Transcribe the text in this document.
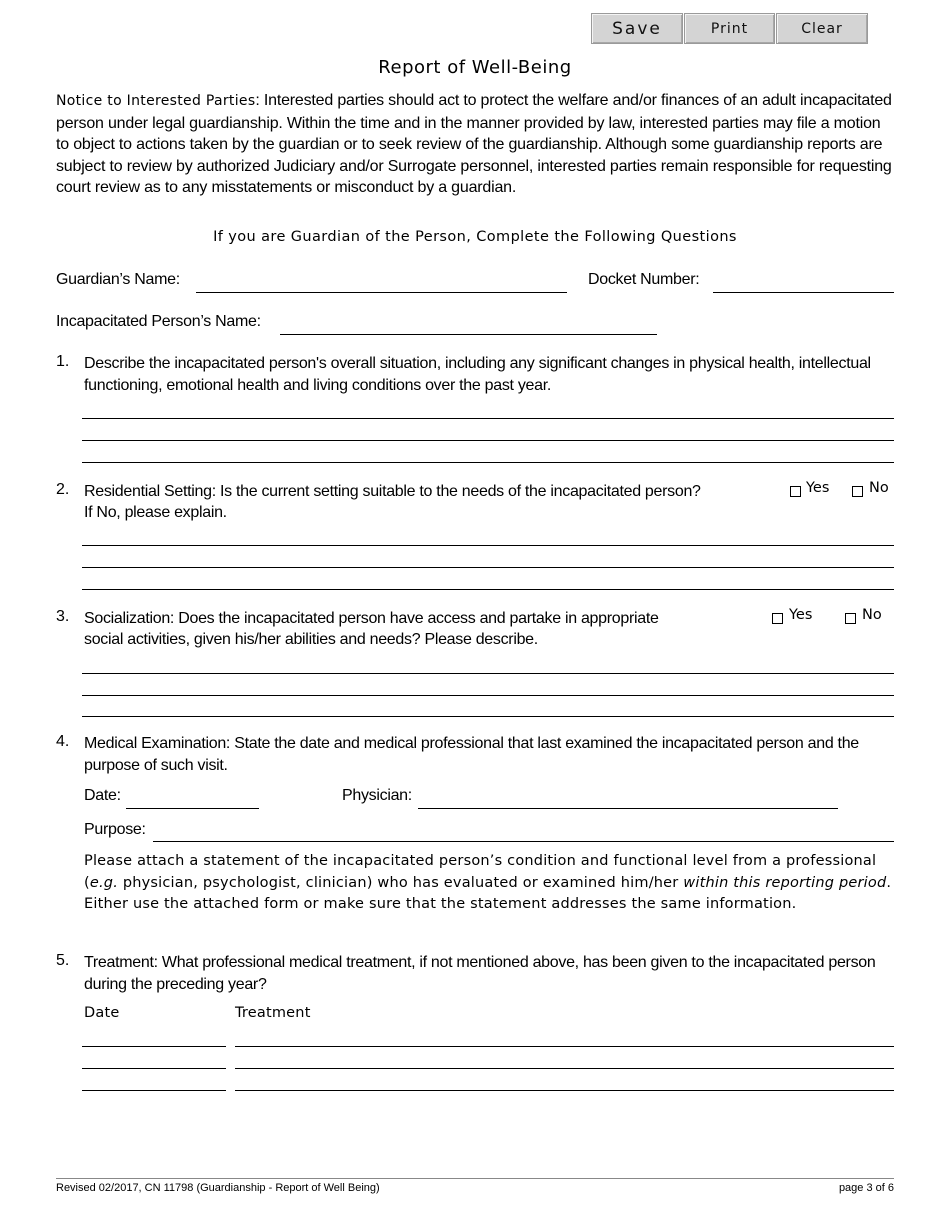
Save	Print	Clear
Report of Well-Being
Notice to Interested Parties: Interested parties should act to protect the welfare and/or finances of an adult incapacitated person under legal guardianship. Within the time and in the manner provided by law, interested parties may file a motion to object to actions taken by the guardian or to seek review of the guardianship. Although some guardianship reports are subject to review by authorized Judiciary and/or Surrogate personnel, interested parties remain responsible for requesting court review as to any misstatements or misconduct by a guardian.
If you are Guardian of the Person, Complete the Following Questions
Guardian’s Name:	Docket Number:
Incapacitated Person’s Name:
1. Describe the incapacitated person's overall situation, including any significant changes in physical health, intellectual functioning, emotional health and living conditions over the past year.
2. Residential Setting: Is the current setting suitable to the needs of the incapacitated person?
If No, please explain.
Yes	No
3. Socialization: Does the incapacitated person have access and partake in appropriate
social activities, given his/her abilities and needs? Please describe.
Yes	No
4. Medical Examination: State the date and medical professional that last examined the incapacitated person and the purpose of such visit.
Date:	Physician:
Purpose:
Please attach a statement of the incapacitated person’s condition and functional level from a professional (e.g. physician, psychologist, clinician) who has evaluated or examined him/her within this reporting period. Either use the attached form or make sure that the statement addresses the same information.
5. Treatment: What professional medical treatment, if not mentioned above, has been given to the incapacitated person during the preceding year?
Date	Treatment
Revised 02/2017, CN 11798 (Guardianship - Report of Well Being)	page 3 of 6
